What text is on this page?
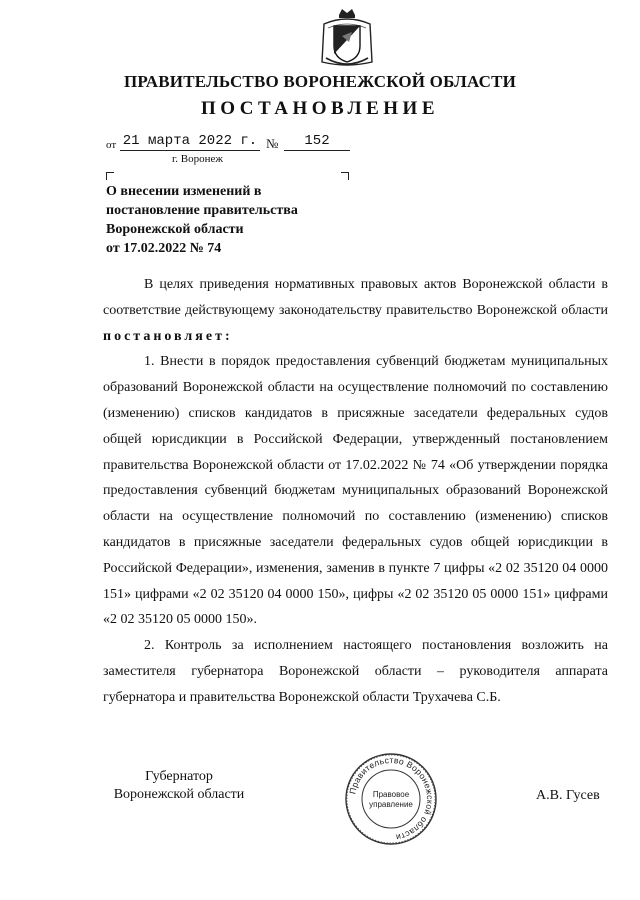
ПРАВИТЕЛЬСТВО ВОРОНЕЖСКОЙ ОБЛАСТИ
ПОСТАНОВЛЕНИЕ
от 21 марта 2022 г. №	152
г. Воронеж
О внесении изменений в
постановление правительства
Воронежской области
от 17.02.2022 № 74

В целях приведения нормативных правовых актов Воронежской области в соответствие действующему законодательству правительство Воронежской области постановляет:

1. Внести в порядок предоставления субвенций бюджетам муниципальных образований Воронежской области на осуществление полномочий по составлению (изменению) списков кандидатов в присяжные заседатели федеральных судов общей юрисдикции в Российской Федерации, утвержденный постановлением правительства Воронежской области от 17.02.2022 № 74 «Об утверждении порядка предоставления субвенций бюджетам муниципальных образований Воронежской области на осуществление полномочий по составлению (изменению) списков кандидатов в присяжные заседатели федеральных судов общей юрисдикции в Российской Федерации», изменения, заменив в пункте 7 цифры «2 02 35120 04 0000 151» цифрами «2 02 35120 04 0000 150», цифры «2 02 35120 05 0000 151» цифрами «2 02 35120 05 0000 150».

2. Контроль за исполнением настоящего постановления возложить на заместителя губернатора Воронежской области – руководителя аппарата губернатора и правительства Воронежской области Трухачева С.Б.

Губернатор
Воронежской области	Правительство Воронежской области
Правовое
управление
А.В. Гусев
